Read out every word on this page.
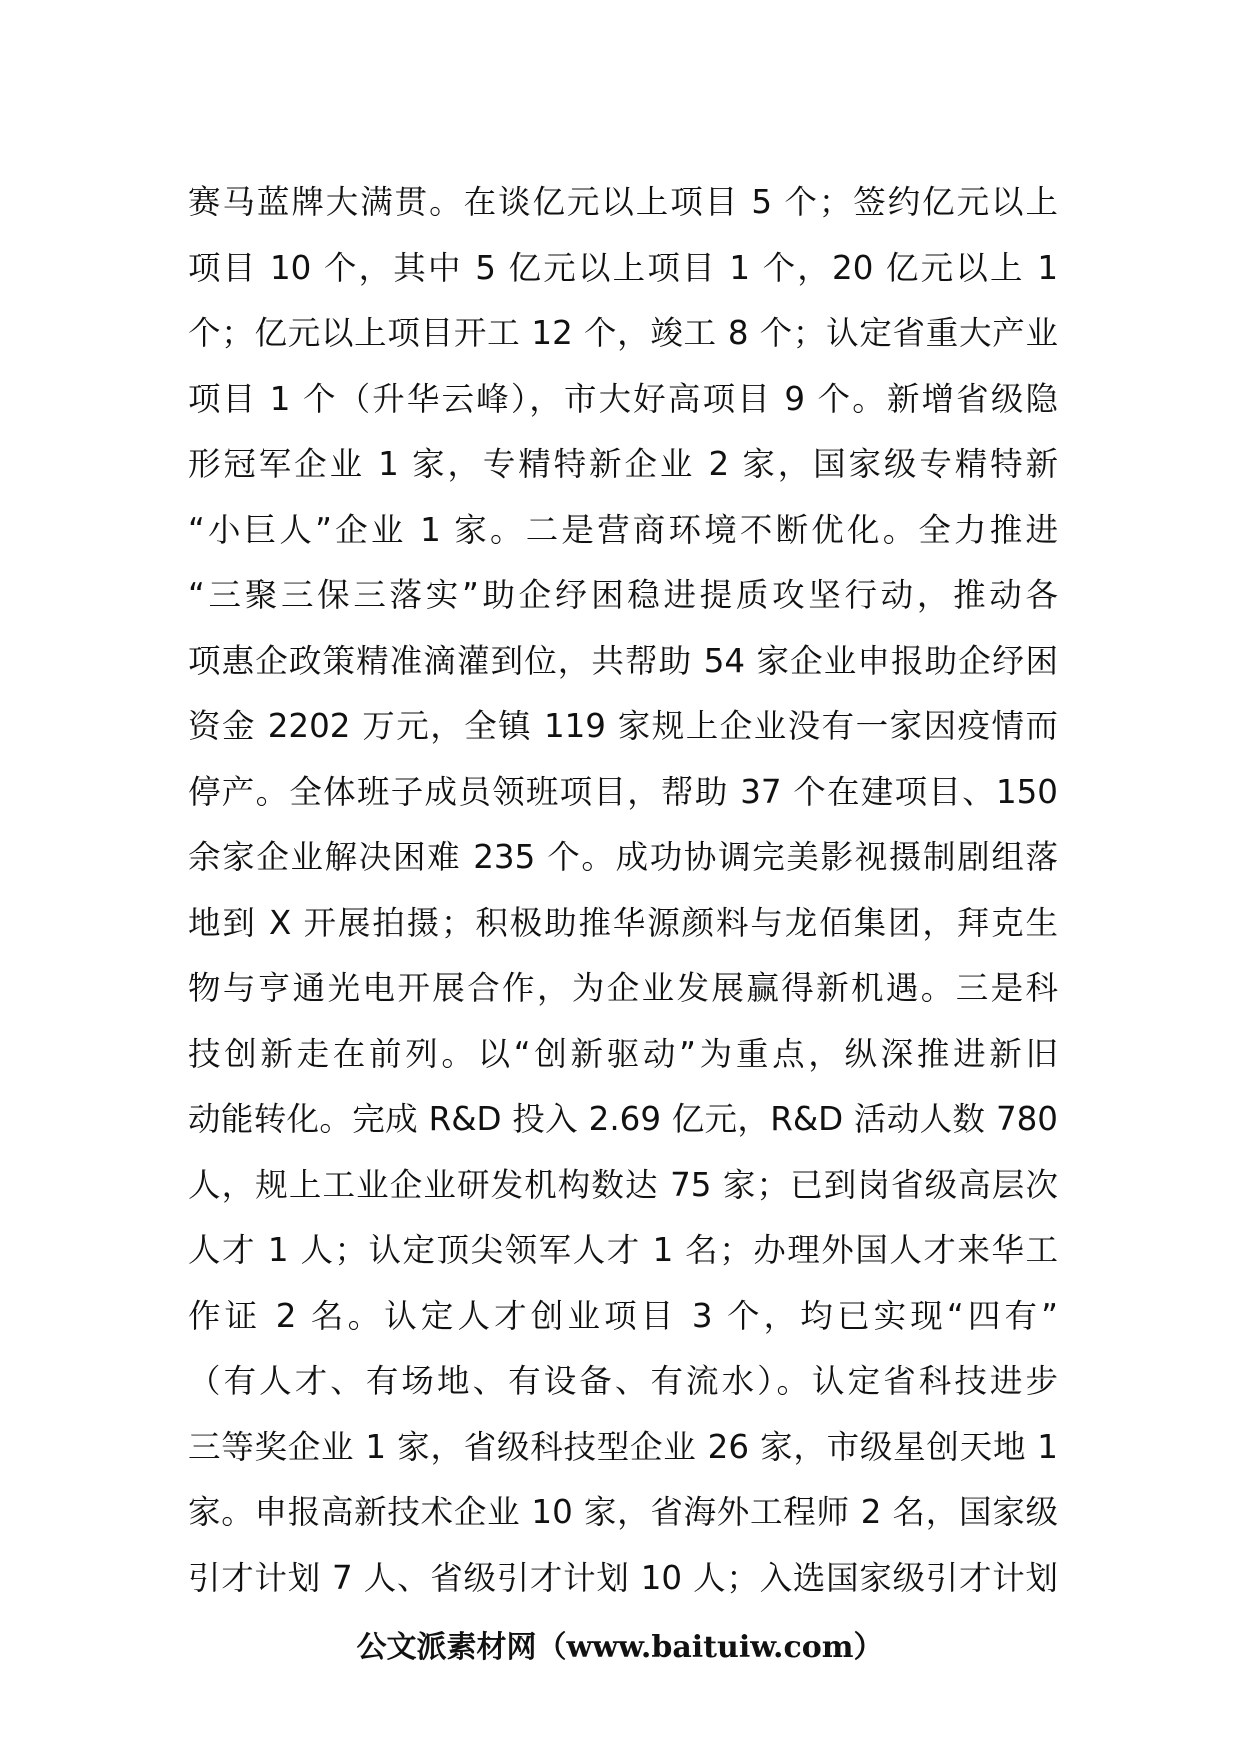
赛马蓝牌大满贯。在谈亿元以上项目 5 个；签约亿元以上
项目 10 个，其中 5 亿元以上项目 1 个，20 亿元以上 1
个；亿元以上项目开工 12 个，竣工 8 个；认定省重大产业
项目 1 个（升华云峰），市大好高项目 9 个。新增省级隐
形冠军企业 1 家，专精特新企业 2 家，国家级专精特新
“小巨人”企业 1 家。二是营商环境不断优化。全力推进
“三聚三保三落实”助企纾困稳进提质攻坚行动，推动各
项惠企政策精准滴灌到位，共帮助 54 家企业申报助企纾困
资金 2202 万元，全镇 119 家规上企业没有一家因疫情而
停产。全体班子成员领班项目，帮助 37 个在建项目、150
余家企业解决困难 235 个。成功协调完美影视摄制剧组落
地到 X 开展拍摄；积极助推华源颜料与龙佰集团，拜克生
物与亨通光电开展合作，为企业发展赢得新机遇。三是科
技创新走在前列。以“创新驱动”为重点，纵深推进新旧
动能转化。完成 R&D 投入 2.69 亿元，R&D 活动人数 780
人，规上工业企业研发机构数达 75 家；已到岗省级高层次
人才 1 人；认定顶尖领军人才 1 名；办理外国人才来华工
作证 2 名。认定人才创业项目 3 个，均已实现“四有”
（有人才、有场地、有设备、有流水）。认定省科技进步
三等奖企业 1 家，省级科技型企业 26 家，市级星创天地 1
家。申报高新技术企业 10 家，省海外工程师 2 名，国家级
引才计划 7 人、省级引才计划 10 人；入选国家级引才计划
公文派素材网（www.baituiw.com）
